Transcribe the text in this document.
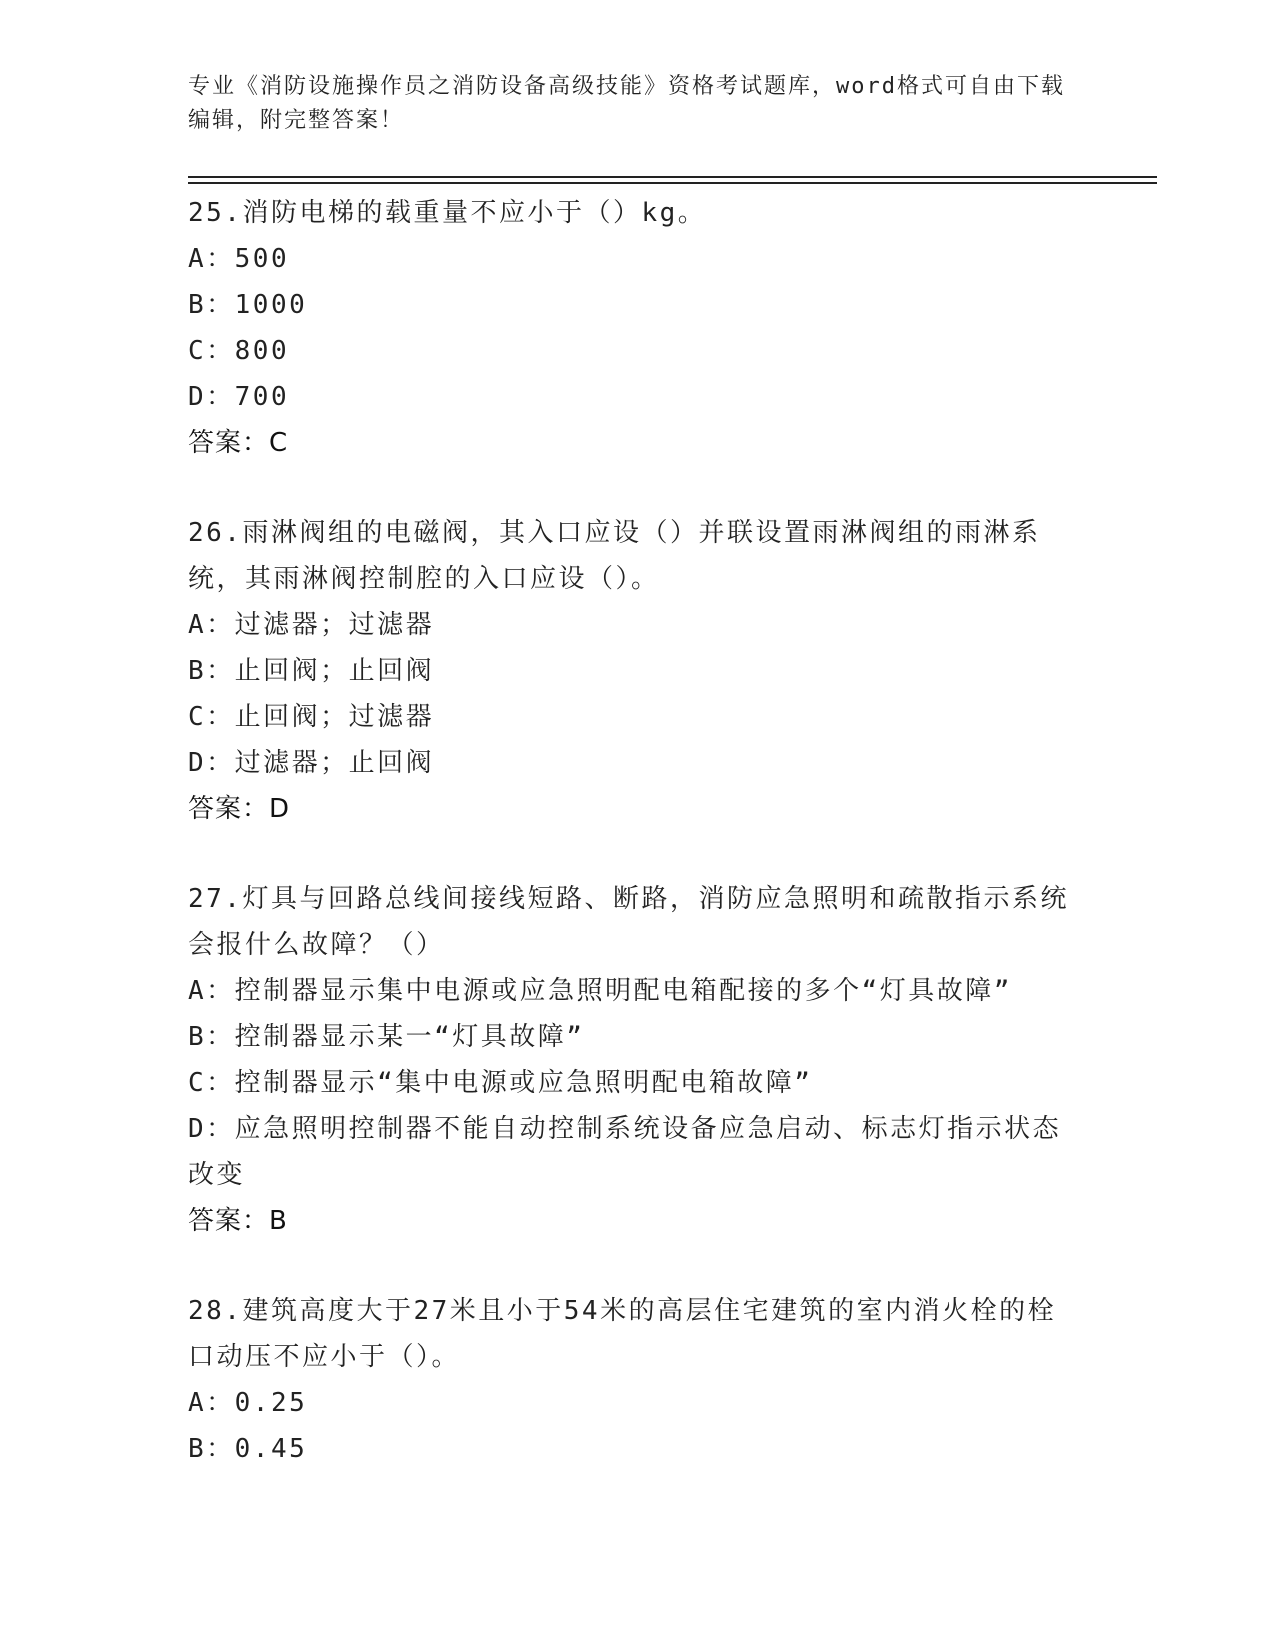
专业《消防设施操作员之消防设备高级技能》资格考试题库，word格式可自由下载编辑，附完整答案！
25.消防电梯的载重量不应小于（）kg。
A：500
B：1000
C：800
D：700
答案：C
26.雨淋阀组的电磁阀，其入口应设（）并联设置雨淋阀组的雨淋系统，其雨淋阀控制腔的入口应设（）。
A：过滤器；过滤器
B：止回阀；止回阀
C：止回阀；过滤器
D：过滤器；止回阀
答案：D
27.灯具与回路总线间接线短路、断路，消防应急照明和疏散指示系统会报什么故障？（）
A：控制器显示集中电源或应急照明配电箱配接的多个“灯具故障”
B：控制器显示某一“灯具故障”
C：控制器显示“集中电源或应急照明配电箱故障”
D：应急照明控制器不能自动控制系统设备应急启动、标志灯指示状态改变
答案：B
28.建筑高度大于27米且小于54米的高层住宅建筑的室内消火栓的栓口动压不应小于（）。
A：0.25
B：0.45
